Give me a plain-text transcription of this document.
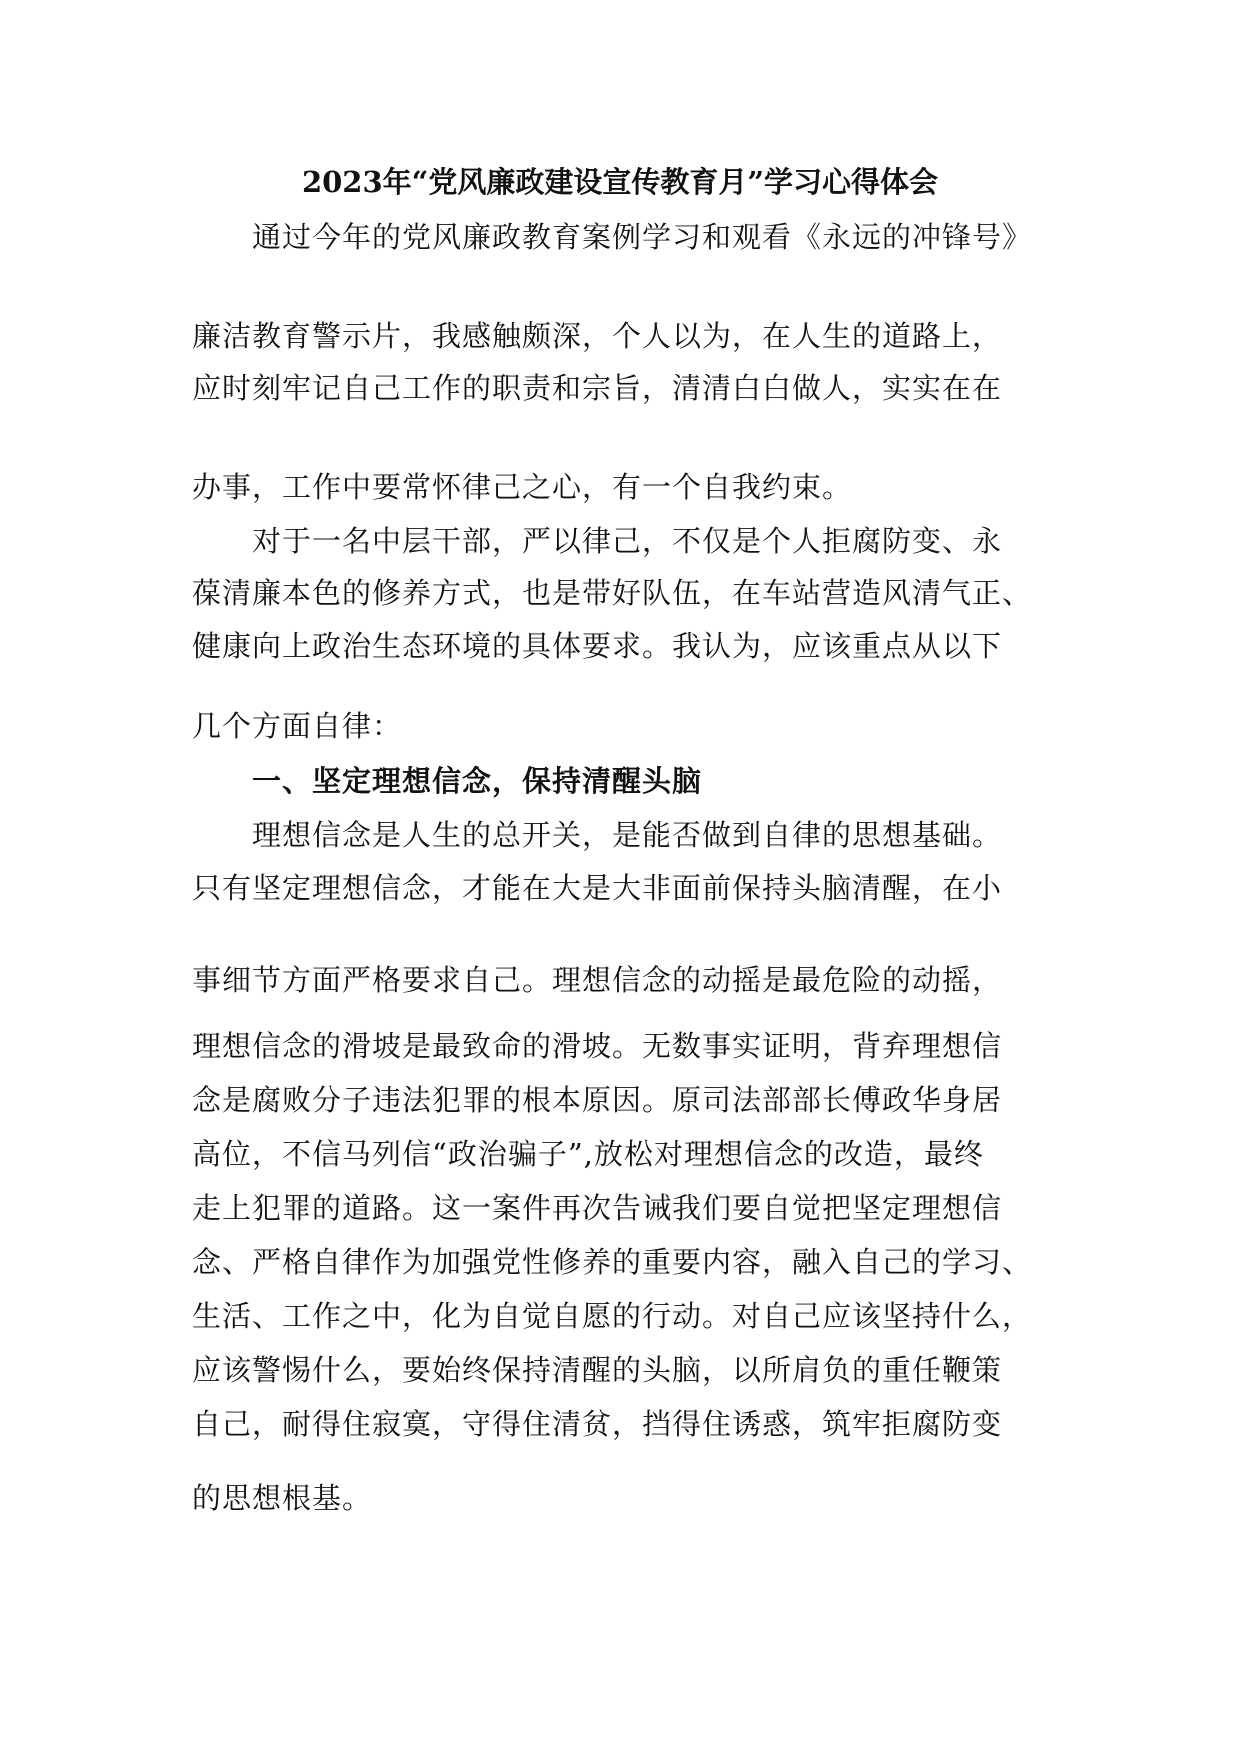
2023年“党风廉政建设宣传教育月”学习心得体会
通过今年的党风廉政教育案例学习和观看《永远的冲锋号》
廉洁教育警示片，我感触颇深，个人以为，在人生的道路上，
应时刻牢记自己工作的职责和宗旨，清清白白做人，实实在在
办事，工作中要常怀律己之心，有一个自我约束。
对于一名中层干部，严以律己，不仅是个人拒腐防变、永
葆清廉本色的修养方式，也是带好队伍，在车站营造风清气正、
健康向上政治生态环境的具体要求。我认为，应该重点从以下
几个方面自律：
一、坚定理想信念，保持清醒头脑
理想信念是人生的总开关，是能否做到自律的思想基础。
只有坚定理想信念，才能在大是大非面前保持头脑清醒，在小
事细节方面严格要求自己。理想信念的动摇是最危险的动摇，
理想信念的滑坡是最致命的滑坡。无数事实证明，背弃理想信
念是腐败分子违法犯罪的根本原因。原司法部部长傅政华身居
高位，不信马列信“政治骗子”,放松对理想信念的改造，最终
走上犯罪的道路。这一案件再次告诫我们要自觉把坚定理想信
念、严格自律作为加强党性修养的重要内容，融入自己的学习、
生活、工作之中，化为自觉自愿的行动。对自己应该坚持什么，
应该警惕什么，要始终保持清醒的头脑，以所肩负的重任鞭策
自己，耐得住寂寞，守得住清贫，挡得住诱惑，筑牢拒腐防变
的思想根基。
